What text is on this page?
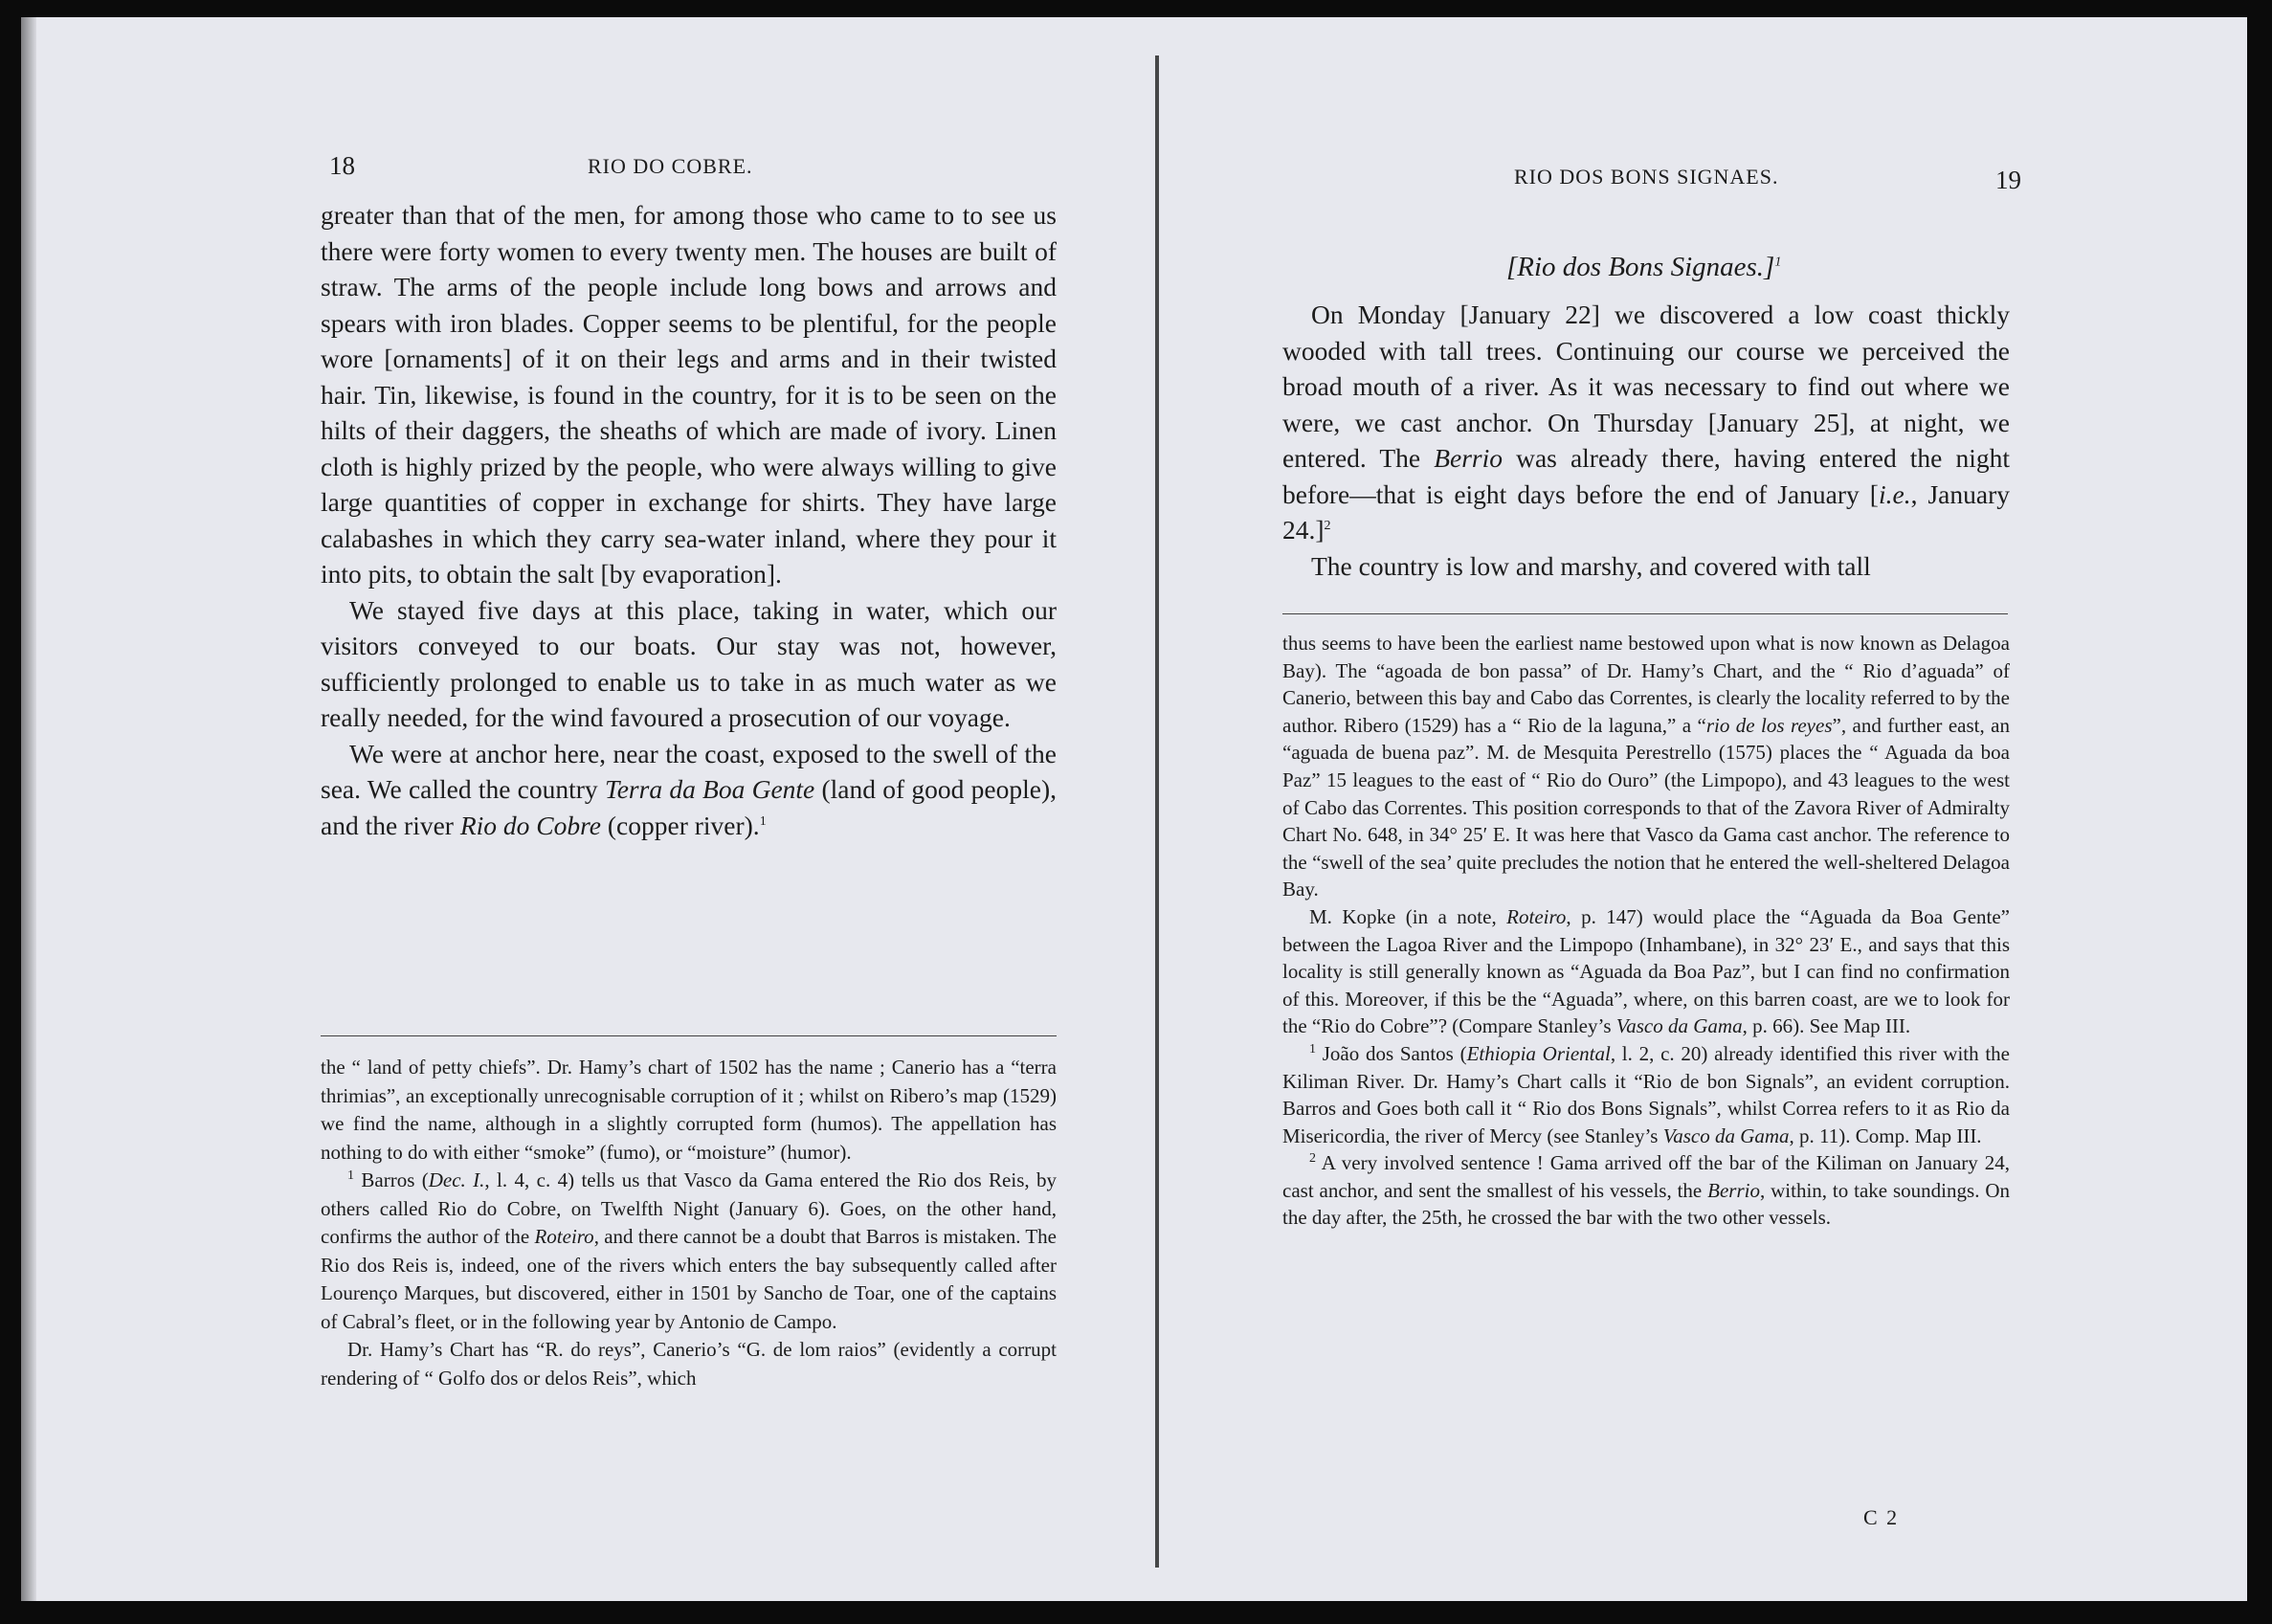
18	RIO DO COBRE.

greater than that of the men, for among those who came to to see us there were forty women to every twenty men. The houses are built of straw. The arms of the people include long bows and arrows and spears with iron blades. Copper seems to be plentiful, for the people wore [ornaments] of it on their legs and arms and in their twisted hair. Tin, likewise, is found in the country, for it is to be seen on the hilts of their daggers, the sheaths of which are made of ivory. Linen cloth is highly prized by the people, who were always willing to give large quantities of copper in exchange for shirts. They have large calabashes in which they carry sea-water inland, where they pour it into pits, to obtain the salt [by evaporation].

We stayed five days at this place, taking in water, which our visitors conveyed to our boats. Our stay was not, however, sufficiently prolonged to enable us to take in as much water as we really needed, for the wind favoured a prosecution of our voyage.

We were at anchor here, near the coast, exposed to the swell of the sea. We called the country Terra da Boa Gente (land of good people), and the river Rio do Cobre (copper river).$^1$

the “ land of petty chiefs”. Dr. Hamy’s chart of 1502 has the name ; Canerio has a “terra thrimias”, an exceptionally unrecognisable corruption of it ; whilst on Ribero’s map (1529) we find the name, although in a slightly corrupted form (humos). The appellation has nothing to do with either “smoke” (fumo), or “moisture” (humor).

$^1$ Barros (Dec. I., l. 4, c. 4) tells us that Vasco da Gama entered the Rio dos Reis, by others called Rio do Cobre, on Twelfth Night (January 6). Goes, on the other hand, confirms the author of the Roteiro, and there cannot be a doubt that Barros is mistaken. The Rio dos Reis is, indeed, one of the rivers which enters the bay subsequently called after Lourenço Marques, but discovered, either in 1501 by Sancho de Toar, one of the captains of Cabral’s fleet, or in the following year by Antonio de Campo.

Dr. Hamy’s Chart has “R. do reys”, Canerio’s “G. de lom raios” (evidently a corrupt rendering of “ Golfo dos or delos Reis”, which

RIO DOS BONS SIGNAES.	19
[Rio dos Bons Signaes.]$^1$

On Monday [January 22] we discovered a low coast thickly wooded with tall trees. Continuing our course we perceived the broad mouth of a river. As it was necessary to find out where we were, we cast anchor. On Thursday [January 25], at night, we entered. The Berrio was already there, having entered the night before—that is eight days before the end of January [i.e., January 24.]$^2$

The country is low and marshy, and covered with tall

thus seems to have been the earliest name bestowed upon what is now known as Delagoa Bay). The “agoada de bon passa” of Dr. Hamy’s Chart, and the “ Rio d’aguada” of Canerio, between this bay and Cabo das Correntes, is clearly the locality referred to by the author. Ribero (1529) has a “ Rio de la laguna,” a “rio de los reyes”, and further east, an “aguada de buena paz”. M. de Mesquita Perestrello (1575) places the “ Aguada da boa Paz” 15 leagues to the east of “ Rio do Ouro” (the Limpopo), and 43 leagues to the west of Cabo das Correntes. This position corresponds to that of the Zavora River of Admiralty Chart No. 648, in 34° 25′ E. It was here that Vasco da Gama cast anchor. The reference to the “swell of the sea’ quite precludes the notion that he entered the well-sheltered Delagoa Bay.

M. Kopke (in a note, Roteiro, p. 147) would place the “Aguada da Boa Gente” between the Lagoa River and the Limpopo (Inhambane), in 32° 23′ E., and says that this locality is still generally known as “Aguada da Boa Paz”, but I can find no confirmation of this. Moreover, if this be the “Aguada”, where, on this barren coast, are we to look for the “Rio do Cobre”? (Compare Stanley’s Vasco da Gama, p. 66). See Map III.

$^1$ João dos Santos (Ethiopia Oriental, l. 2, c. 20) already identified this river with the Kiliman River. Dr. Hamy’s Chart calls it “Rio de bon Signals”, an evident corruption. Barros and Goes both call it “ Rio dos Bons Signals”, whilst Correa refers to it as Rio da Misericordia, the river of Mercy (see Stanley’s Vasco da Gama, p. 11). Comp. Map III.

$^2$ A very involved sentence ! Gama arrived off the bar of the Kiliman on January 24, cast anchor, and sent the smallest of his vessels, the Berrio, within, to take soundings. On the day after, the 25th, he crossed the bar with the two other vessels.

C 2
